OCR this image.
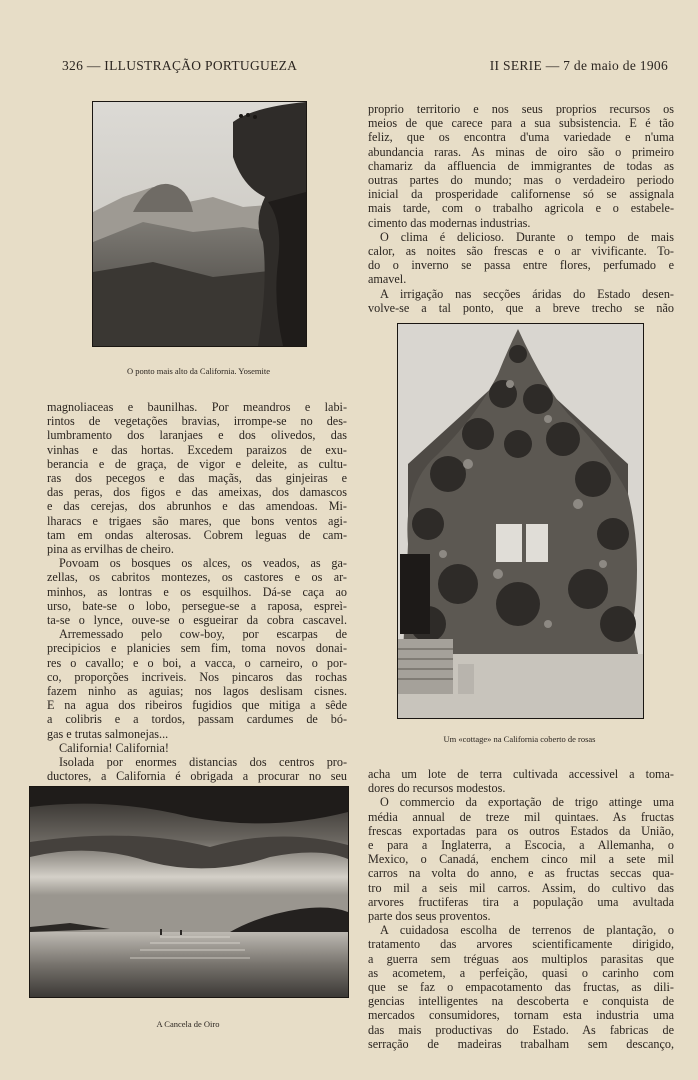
326 — ILLUSTRAÇÃO PORTUGUEZA	II SERIE — 7 de maio de 1906
O ponto mais alto da California. Yosemite
proprio territorio e nos seus proprios recursos os
meios de que carece para a sua subsistencia. E é tão
feliz, que os encontra d'uma variedade e n'uma
abundancia raras. As minas de oiro são o primeiro
chamariz da affluencia de immigrantes de todas as
outras partes do mundo; mas o verdadeiro periodo
inicial da prosperidade californense só se assignala
mais tarde, com o trabalho agricola e o estabele-
cimento das modernas industrias.
O clima é delicioso. Durante o tempo de mais
calor, as noites são frescas e o ar vivificante. To-
do o inverno se passa entre flores, perfumado e
amavel.
A irrigação nas secções áridas do Estado desen-
volve-se a tal ponto, que a breve trecho se não
Um «cottage» na California coberto de rosas
magnoliaceas e baunilhas. Por meandros e labi-
rintos de vegetações bravias, irrompe-se no des-
lumbramento dos laranjaes e dos olivedos, das
vinhas e das hortas. Excedem paraizos de exu-
berancia e de graça, de vigor e deleite, as cultu-
ras dos pecegos e das maçãs, das ginjeiras e
das peras, dos figos e das ameixas, dos damascos
e das cerejas, dos abrunhos e das amendoas. Mi-
lharacs e trigaes são mares, que bons ventos agi-
tam em ondas alterosas. Cobrem leguas de cam-
pina as ervilhas de cheiro.
Povoam os bosques os alces, os veados, as ga-
zellas, os cabritos montezes, os castores e os ar-
minhos, as lontras e os esquilhos. Dá-se caça ao
urso, bate-se o lobo, persegue-se a raposa, espreì-
ta-se o lynce, ouve-se o esgueirar da cobra cascavel.
Arremessado pelo cow-boy, por escarpas de
precipicios e planicies sem fim, toma novos donai-
res o cavallo; e o boi, a vacca, o carneiro, o por-
co, proporções incriveis. Nos pincaros das rochas
fazem ninho as aguias; nos lagos deslisam cisnes.
E na agua dos ribeiros fugidios que mitiga a sêde
a colibris e a tordos, passam cardumes de bó-
gas e trutas salmonejas...
California! California!
Isolada por enormes distancias dos centros pro-
ductores, a California é obrigada a procurar no seu
A Cancela de Oiro
acha um lote de terra cultivada accessivel a toma-
dores do recursos modestos.
O commercio da exportação de trigo attinge uma
média annual de treze mil quintaes. As fructas
frescas exportadas para os outros Estados da União,
e para a Inglaterra, a Escocia, a Allemanha, o
Mexico, o Canadá, enchem cinco mil a sete mil
carros na volta do anno, e as fructas seccas qua-
tro mil a seis mil carros. Assim, do cultivo das
arvores fructiferas tira a população uma avultada
parte dos seus proventos.
A cuidadosa escolha de terrenos de plantação, o
tratamento das arvores scientificamente dirigido,
a guerra sem tréguas aos multiplos parasitas que
as acometem, a perfeição, quasi o carinho com
que se faz o empacotamento das fructas, as dili-
gencias intelligentes na descoberta e conquista de
mercados consumidores, tornam esta industria uma
das mais productivas do Estado. As fabricas de
serração de madeiras trabalham sem descanço,
